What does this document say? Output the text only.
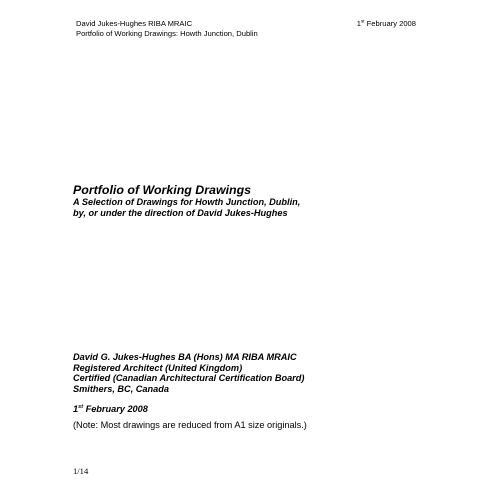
David Jukes-Hughes RIBA MRAIC	1st February 2008
Portfolio of Working Drawings: Howth Junction, Dublin
Portfolio of Working Drawings
A Selection of Drawings for Howth Junction, Dublin,
by, or under the direction of David Jukes-Hughes
David G. Jukes-Hughes BA (Hons) MA RIBA MRAIC
Registered Architect (United Kingdom)
Certified (Canadian Architectural Certification Board)
Smithers, BC, Canada
1st February 2008
(Note: Most drawings are reduced from A1 size originals.)
1/14
